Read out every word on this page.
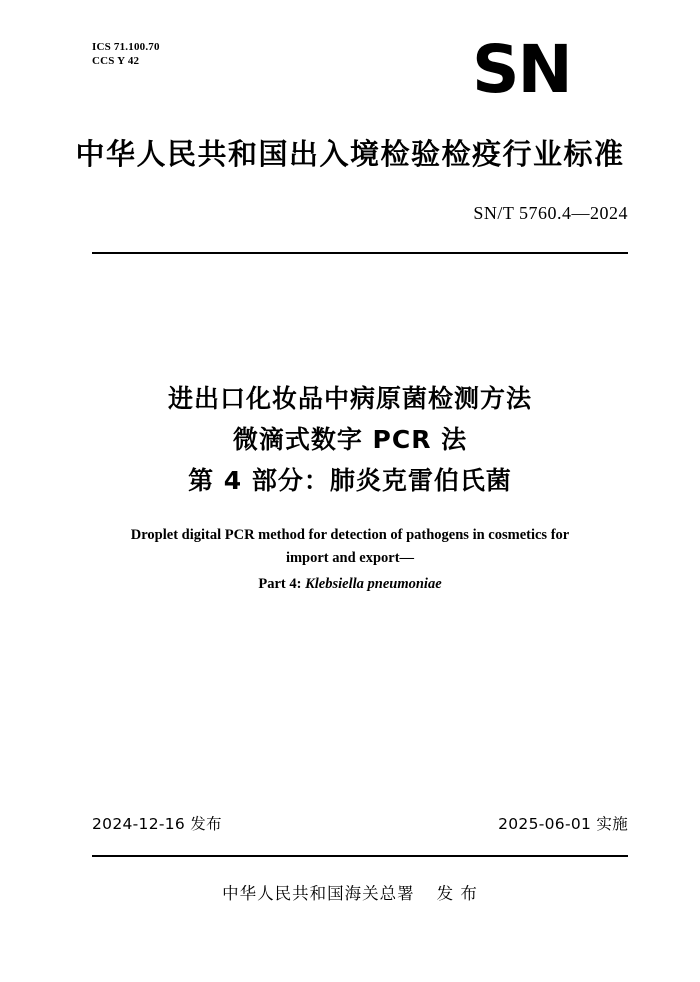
ICS 71.100.70
CCS Y 42	SN
中华人民共和国出入境检验检疫行业标准
SN/T 5760.4—2024
进出口化妆品中病原菌检测方法
微滴式数字 PCR 法
第 4 部分：肺炎克雷伯氏菌
Droplet digital PCR method for detection of pathogens in cosmetics for
import and export—
Part 4: Klebsiella pneumoniae
2024-12-16 发布	2025-06-01 实施
中华人民共和国海关总署 发 布
